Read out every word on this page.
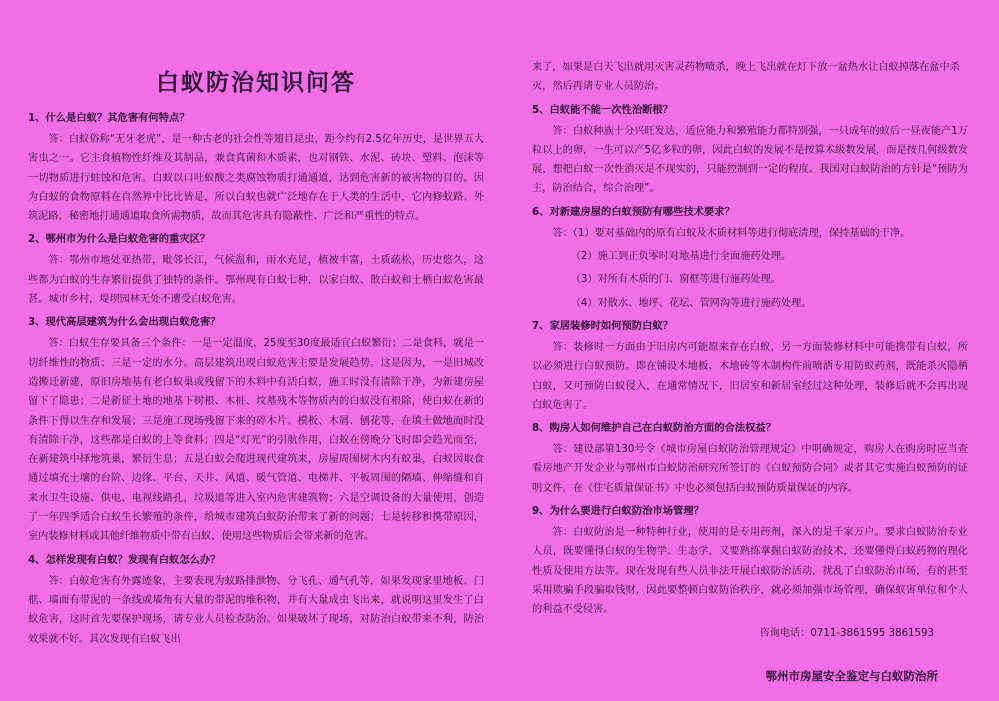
白蚁防治知识问答
1、什么是白蚁？其危害有何特点？

答：白蚁俗称“无牙老虎”，是一种古老的社会性等翅目昆虫，距今约有2.5亿年历史，是世界五大害虫之一。它主食植物性纤维及其制品，兼食真菌和木质素，也对钢铁、水泥、砖块、塑料、泡沫等一切物质进行蛀蚀和危害。白蚁以口吐蚁酸之类腐蚀物质打通通道，达到危害新的被害物的目的。因为白蚁的食物原料在自然界中比比皆是，所以白蚁也就广泛地存在于人类的生活中，它内修蚁路、外筑泥路，秘密地打通通道取食所需物质，故而其危害具有隐蔽性、广泛和严重性的特点。

2、鄂州市为什么是白蚁危害的重灾区？

答：鄂州市地处亚热带，毗邻长江，气候温和，雨水充足，植被丰富，土质疏松，历史悠久，这些都为白蚁的生存繁衍提供了独特的条件。鄂州现有白蚁七种，以家白蚁、散白蚁和土栖白蚁危害最甚。城市乡村，堤坝园林无处不遭受白蚁危害。

3、现代高层建筑为什么会出现白蚁危害？

答：白蚁生存要具备三个条件：一是一定温度，25度至30度最适宜白蚁繁衍；二是食料，就是一切纤维性的物质；三是一定的水分。高层建筑出现白蚁危害主要是发展趋势。这是因为，一是旧城改造搬迁新建，原旧房地基有老白蚁巢或残留下的木料中有活白蚁，施工时没有清除干净，为新建房屋留下了隐患；二是新征土地的地基下树根、木桩、坟墓残木等物质内的白蚁没有根除，使白蚁在新的条件下得以生存和发展；三是施工现场残留下来的碎木片、模板、木屑、刨花等，在填土做地面时没有清除干净，这些都是白蚁的上等食料；四是“灯光”的引航作用，白蚁在傍晚分飞时即会趋光而至，在新建筑中择地筑巢，繁衍生息；五是白蚁会爬进现代建筑来，房屋周围树木内有蚁巢，白蚁因取食通过填充土壤的台阶、边缘、平台、天井、风道、暖气管道、电梯井、平板周围的隔墙、伸缩缝和自来水卫生设施、供电、电视线路孔，垃圾道等进入室内危害建筑物；六是空调设备的大量使用，创造了一年四季适合白蚁生长繁殖的条件，给城市建筑白蚁防治带来了新的问题；七是转移和携带原因，室内装修材料或其他纤维物质中带有白蚁，使用这些物质后会带来新的危害。

4、怎样发现有白蚁？发现有白蚁怎么办？

答：白蚁危害有外露迹象，主要表现为蚁路排泄物、分飞孔、通气孔等，如果发现家里地板、门框、墙面有带泥的一条线或墙角有大量的带泥的堆积物，并有大量成虫飞出来，就说明这里发生了白蚁危害，这时首先要保护现场，请专业人员检查防治。如果破坏了现场，对防治白蚁带来不利，防治效果就不好。其次发现有白蚁飞出

来了，如果是白天飞出就用灭害灵药物喷杀，晚上飞出就在灯下放一盆热水让白蚁掉落在盆中杀灭，然后再请专业人员防治。

5、白蚁能不能一次性治断根？

答：白蚁种族十分兴旺发达，适应能力和繁殖能力都特别强，一只成年的蚁后一昼夜能产1万粒以上的卵，一生可以产5亿多粒的卵，因此白蚁的发展不是按算术级数发展，而是按几何级数发展，想把白蚁一次性消灭是不现实的，只能控制到一定的程度。我国对白蚁防治的方针是“预防为主，防治结合，综合治理”。

6、对新建房屋的白蚁预防有哪些技术要求？

答：（1）要对基础内的原有白蚁及木质材料等进行彻底清理，保持基础的干净。

（2）施工到正负零时对地基进行全面施药处理。

（3）对所有木质的门、窗框等进行施药处理。

（4）对散水、地坪、花坛、管网沟等进行施药处理。

7、家居装修时如何预防白蚁？

答：装修时一方面由于旧房内可能原来存在白蚁，另一方面装修材料中可能携带有白蚁，所以必须进行白蚁预防。即在铺设木地板、木地砖等木制构件前喷洒专用防蚁药剂，既能杀灭隐栖白蚁，又可预防白蚁侵入，在通常情况下，旧居室和新居室经过这种处理，装修后就不会再出现白蚁危害了。

8、购房人如何维护自己在白蚁防治方面的合法权益？

答：建设部第130号令《城市房屋白蚁防治管理规定》中明确规定，购房人在购房时应当查看房地产开发企业与鄂州市白蚁防治研究所签订的《白蚁预防合同》或者其它实施白蚁预防的证明文件，在《住宅质量保证书》中也必须包括白蚁预防质量保证的内容。

9、为什么要进行白蚁防治市场管理？

答：白蚁防治是一种特种行业，使用的是专用药剂，深入的是千家万户。要求白蚁防治专业人员，既要懂得白蚁的生物学、生态学，又要熟练掌握白蚁防治技术，还要懂得白蚁药物的理化性质及使用方法等。现在发现有些人员非法开展白蚁防治活动，扰乱了白蚁防治市场，有的甚至采用欺骗手段骗取钱财，因此要整顿白蚁防治秩序，就必须加强市场管理，确保蚁害单位和个人的利益不受侵害。

咨询电话：0711-3861595 3861593
鄂州市房屋安全鉴定与白蚁防治所
